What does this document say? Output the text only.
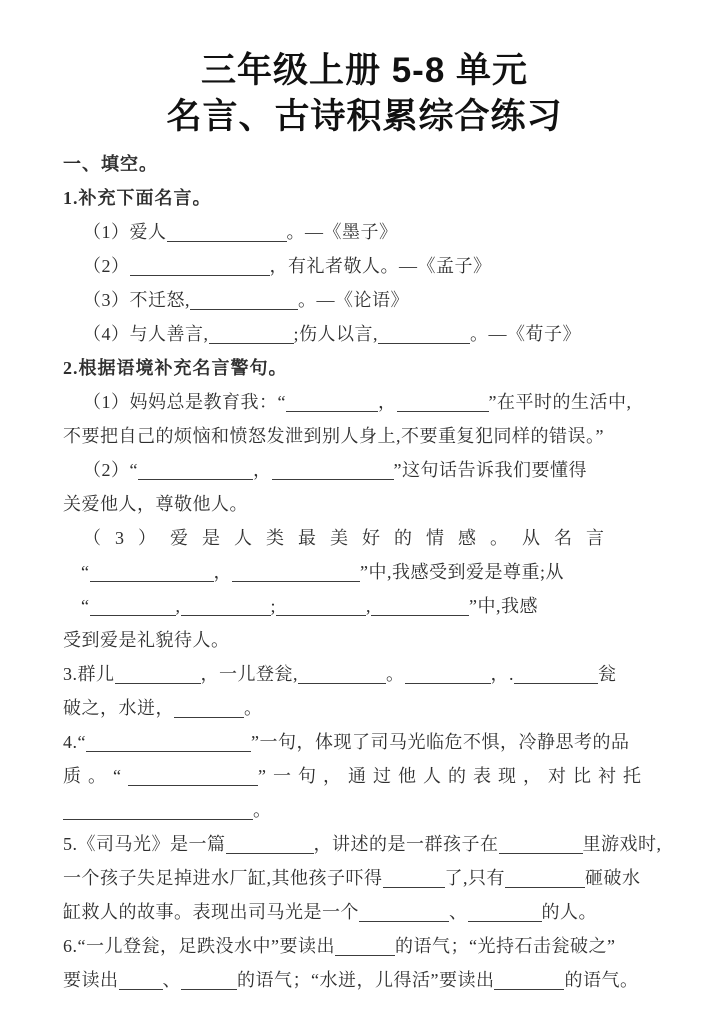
三年级上册 5-8 单元
名言、古诗积累综合练习
一、填空。
1.补充下面名言。
（1）爱人	。—《墨子》
（2）	，有礼者敬人。—《孟子》
（3）不迁怒,	。—《论语》
（4）与人善言,	;伤人以言,	。—《荀子》
2.根据语境补充名言警句。
（1）妈妈总是教育我：“	，	”在平时的生活中,
不要把自己的烦恼和愤怒发泄到别人身上,不要重复犯同样的错误。”
（2）“	，	”这句话告诉我们要懂得
关爱他人，尊敬他人。
（3）爱是人类最美好的情感。从名言
“	，	”中,我感受到爱是尊重;从
“	,	;	,	”中,我感
受到爱是礼貌待人。
3.群儿	，一儿登瓮,	。	，.	瓮
破之，水迸，	。
4.“	”一句，体现了司马光临危不惧，冷静思考的品
质。“	”一句，通过他人的表现，对比衬托
。
5.《司马光》是一篇	，讲述的是一群孩子在	里游戏时,
一个孩子失足掉进水厂缸,其他孩子吓得	了,只有	砸破水
缸救人的故事。表现出司马光是一个	、	的人。
6.“一儿登瓮，足跌没水中”要读出	的语气；“光持石击瓮破之”
要读出 、	的语气；“水迸，儿得活”要读出	的语气。
